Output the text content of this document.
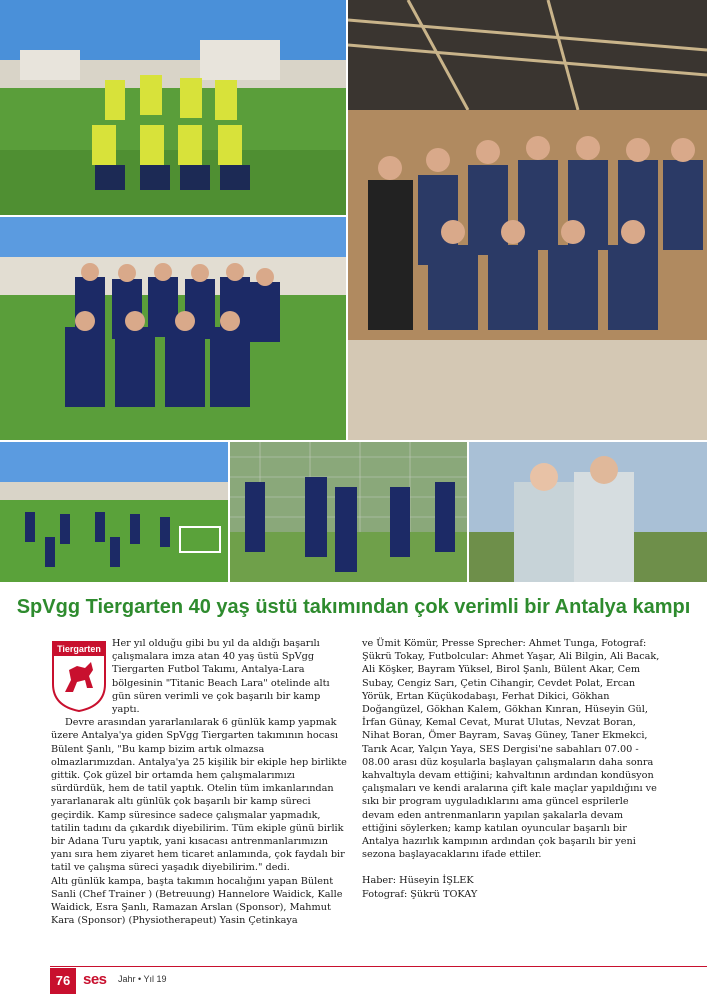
SpVgg Tiergarten 40 yaş üstü takımından çok verimli bir Antalya kampı
Tiergarten Her yıl olduğu gibi bu yıl da aldığı başarılı çalışmalara imza atan 40 yaş üstü SpVgg Tiergarten Futbol Takımı, Antalya-Lara bölgesinin "Titanic Beach Lara" otelinde altı gün süren verimli ve çok başarılı bir kamp yaptı.

Devre arasından yararlanılarak 6 günlük kamp yapmak üzere Antalya'ya giden SpVgg Tiergarten takımının hocası Bülent Şanlı, "Bu kamp bizim artık olmazsa olmazlarımızdan. Antalya'ya 25 kişilik bir ekiple hep birlikte gittik. Çok güzel bir ortamda hem çalışmalarımızı sürdürdük, hem de tatil yaptık. Otelin tüm imkanlarından yararlanarak altı günlük çok başarılı bir kamp süreci geçirdik. Kamp süresince sadece çalışmalar yapmadık, tatilin tadını da çıkardık diyebilirim. Tüm ekiple günü birlik bir Adana Turu yaptık, yani kısacası antrenmanlarımızın yanı sıra hem ziyaret hem ticaret anlamında, çok faydalı bir tatil ve çalışma süreci yaşadık diyebilirim." dedi.

Altı günlük kampa, başta takımın hocalığını yapan Bülent Sanli (Chef Trainer ) (Betreuung) Hannelore Waidick, Kalle Waidick, Esra Şanlı, Ramazan Arslan (Sponsor), Mahmut Kara (Sponsor) (Physiotherapeut) Yasin Çetinkaya

ve Ümit Kömür, Presse Sprecher: Ahmet Tunga, Fotograf: Şükrü Tokay, Futbolcular: Ahmet Yaşar, Ali Bilgin, Ali Bacak, Ali Köşker, Bayram Yüksel, Birol Şanlı, Bülent Akar, Cem Subay, Cengiz Sarı, Çetin Cihangir, Cevdet Polat, Ercan Yörük, Ertan Küçükodabaşı, Ferhat Dikici, Gökhan Doğangüzel, Gökhan Kalem, Gökhan Kınran, Hüseyin Gül, İrfan Günay, Kemal Cevat, Murat Ulutas, Nevzat Boran, Nihat Boran, Ömer Bayram, Savaş Güney, Taner Ekmekci, Tarık Acar, Yalçın Yaya, SES Dergisi'ne sabahları 07.00 - 08.00 arası düz koşularla başlayan çalışmaların daha sonra kahvaltıyla devam ettiğini; kahvaltının ardından kondüsyon çalışmaları ve kendi aralarına çift kale maçlar yapıldığını ve sıkı bir program uyguladıklarını ama güncel esprilerle devam eden antrenmanların yapılan şakalarla devam ettiğini söylerken; kamp katılan oyuncular başarılı bir Antalya hazırlık kampının ardından çok başarılı bir yeni sezona başlayacaklarını ifade ettiler.

Haber: Hüseyin İŞLEK

Fotograf: Şükrü TOKAY

76 ses Jahr • Yıl 19
